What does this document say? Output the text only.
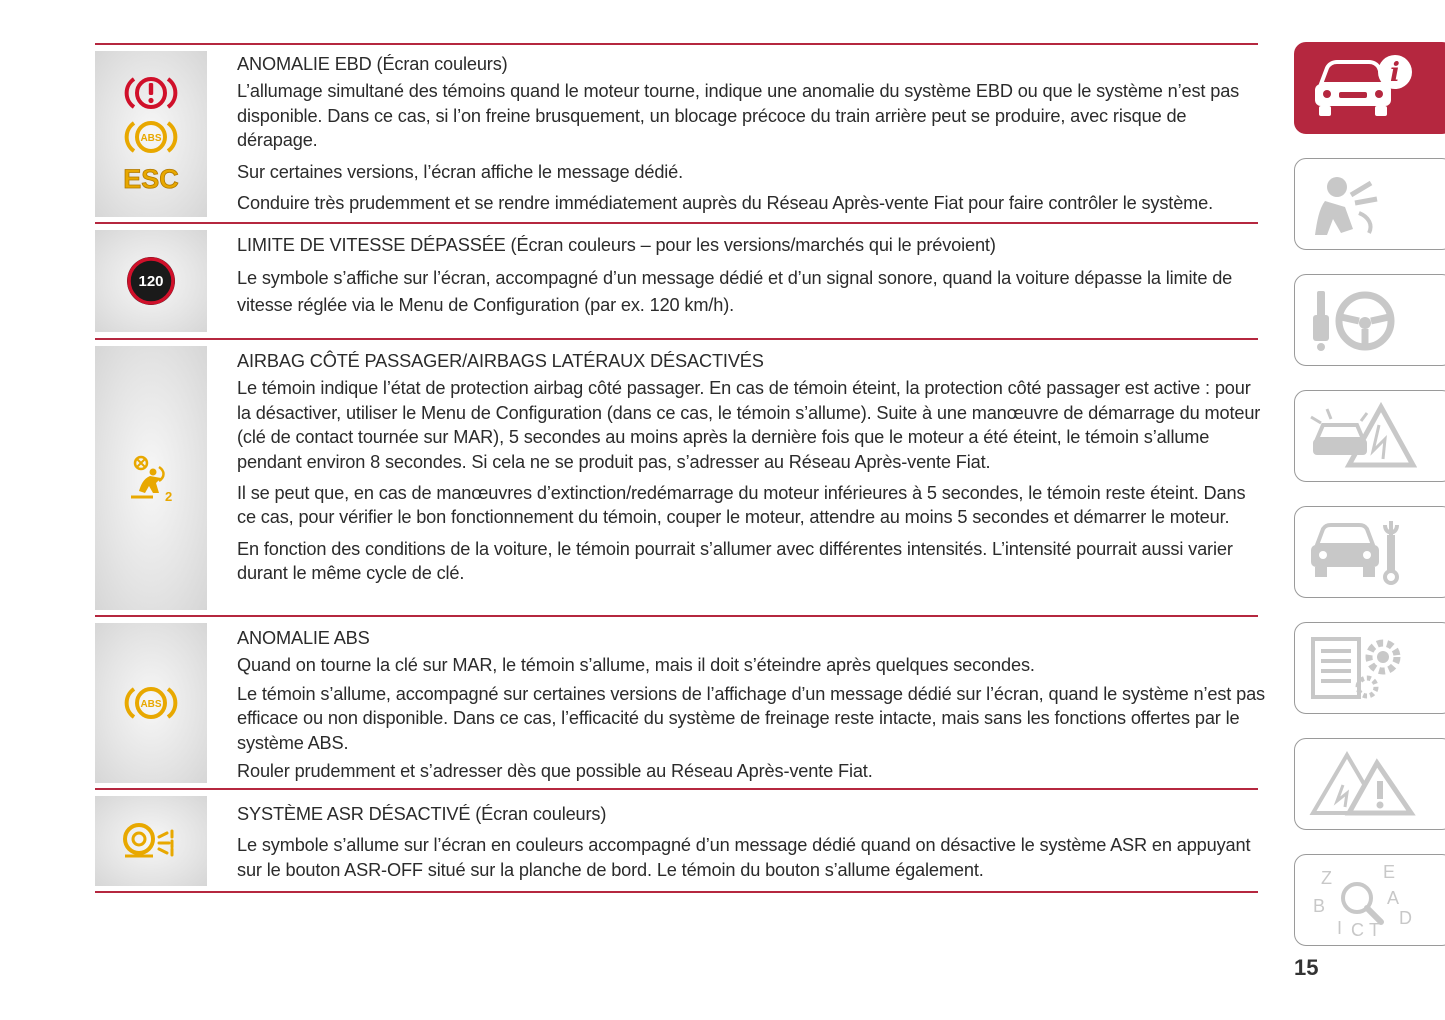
ABS
ESC

ANOMALIE EBD (Écran couleurs)

L’allumage simultané des témoins quand le moteur tourne, indique une anomalie du système EBD ou que le système n’est pas disponible. Dans ce cas, si l’on freine brusquement, un blocage précoce du train arrière peut se produire, avec risque de dérapage.

Sur certaines versions, l’écran affiche le message dédié.

Conduire très prudemment et se rendre immédiatement auprès du Réseau Après-vente Fiat pour faire contrôler le système.

120

LIMITE DE VITESSE DÉPASSÉE (Écran couleurs – pour les versions/marchés qui le prévoient)

Le symbole s’affiche sur l’écran, accompagné d’un message dédié et d’un signal sonore, quand la voiture dépasse la limite de vitesse réglée via le Menu de Configuration (par ex. 120 km/h).

2

AIRBAG CÔTÉ PASSAGER/AIRBAGS LATÉRAUX DÉSACTIVÉS

Le témoin indique l’état de protection airbag côté passager. En cas de témoin éteint, la protection côté passager est active : pour la désactiver, utiliser le Menu de Configuration (dans ce cas, le témoin s’allume). Suite à une manœuvre de démarrage du moteur (clé de contact tournée sur MAR), 5 secondes au moins après la dernière fois que le moteur a été éteint, le témoin s’allume pendant environ 8 secondes. Si cela ne se produit pas, s’adresser au Réseau Après-vente Fiat.

Il se peut que, en cas de manœuvres d’extinction/redémarrage du moteur inférieures à 5 secondes, le témoin reste éteint. Dans ce cas, pour vérifier le bon fonctionnement du témoin, couper le moteur, attendre au moins 5 secondes et démarrer le moteur.

En fonction des conditions de la voiture, le témoin pourrait s’allumer avec différentes intensités. L’intensité pourrait aussi varier durant le même cycle de clé.

ABS

ANOMALIE ABS

Quand on tourne la clé sur MAR, le témoin s’allume, mais il doit s’éteindre après quelques secondes.

Le témoin s’allume, accompagné sur certaines versions de l’affichage d’un message dédié sur l’écran, quand le système n’est pas efficace ou non disponible. Dans ce cas, l’efficacité du système de freinage reste intacte, mais sans les fonctions offertes par le système ABS.

Rouler prudemment et s’adresser dès que possible au Réseau Après-vente Fiat.

SYSTÈME ASR DÉSACTIVÉ (Écran couleurs)

Le symbole s’allume sur l’écran en couleurs accompagné d’un message dédié quand on désactive le système ASR en appuyant sur le bouton ASR-OFF situé sur la planche de bord. Le témoin du bouton s’allume également.

i
Z	E
B	A
I C T
D
15
